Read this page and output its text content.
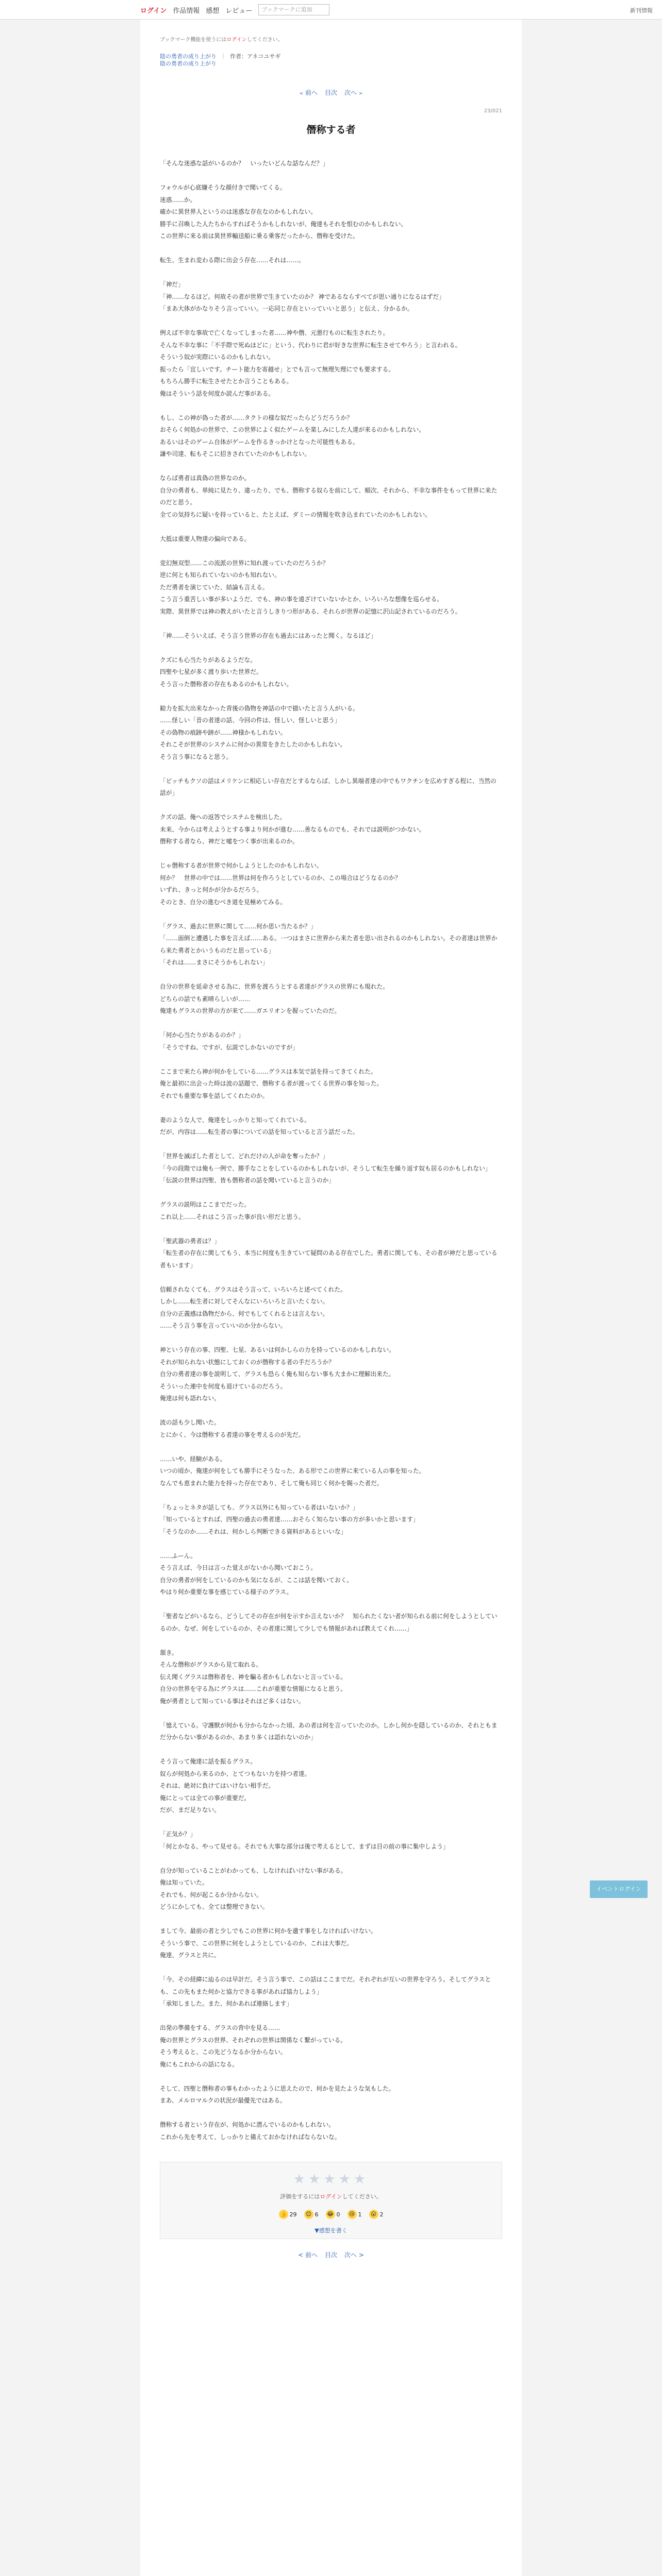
ログイン 作品情報 感想 レビュー	ブックマークに追加	新刊情報
ブックマーク機能を使うにはログインしてください。
陰の勇者の成り上がり ｜ 作者：アネコユサギ
陰の勇者の成り上がり
< 前へ 目次 次へ >
23/021
僭称する者
「そんな迷惑な話がいるのか？　いったいどんな話なんだ？」
フォウルが心底嫌そうな顔付きで聞いてくる。
迷惑……か。
確かに異世界人というのは迷惑な存在なのかもしれない。
勝手に召喚した人たちからすればそうかもしれないが、俺達もそれを恨むのかもしれない。
この世界に来る前は異世界輸送船に乗る乗客だったから、僭称を受けた。
転生、生まれ変わる際に出会う存在……それは……。
「神だ」
「神……なるほど。何故その者が世界で生きていたのか？ 神であるならすべてが思い通りになるはずだ」
「まあ大体がかなりそう言っていい。一応同じ存在といっていいと思う」と伝え、分かるか。
例えば不幸な事故で亡くなってしまった者……神や僭、元悪行ものに転生されたり。
そんな不幸な事に「不手際で死ぬほどに」という、代わりに君が好きな世界に転生させてやろう」と言われる。
そういう奴が実際にいるのかもしれない。
振ったら「宜しいです。チート能力を寄越せ」とでも言って無理矢理にでも要求する。
もちろん勝手に転生させたとか言うこともある。
俺はそういう話を何度か読んだ事がある。
もし、この神が偽った者が……タクトの様な奴だったらどうだろうか？
おそらく何処かの世界で、この世界によく似たゲームを楽しみにした人達が来るのかもしれない。
あるいはそのゲーム自体がゲームを作るきっかけとなった可能性もある。
謙や司達、転もそこに招きされていたのかもしれない。
ならば勇者は真偽の世界なのか。
自分の勇者も、単純に見たり、違ったり、でも、僭称する奴らを前にして、順次、それから、不幸な事件をもって世界に来たのだと思う。
全ての気持ちに疑いを持っていると、たとえば、ダミーの情報を吹き込まれていたのかもしれない。
大抵は重要人物達の偏向である。
変幻無双型……この流派の世界に知れ渡っていたのだろうか？
逆に何とも知られていないのかも知れない。
ただ勇者を演じていた、結論も言える。
こう言う重苦しい事が多いようだ、でも、神の事を遠ざけていないかとか、いろいろな想像を巡らせる。
実際、異世界では神の教えがいたと言うしきりつ形がある、それらが世界の記憶に沢山記されているのだろう。
「神……そういえば、そう言う世界の存在も過去にはあったと聞く。なるほど」
クズにも心当たりがあるようだな。
四聖や七星が多く渡り歩いた世界だ。
そう言った僭称者の存在もあるのかもしれない。
勧力を拡大出来なかった背後の偽物を神話の中で描いたと言う人がいる。
……怪しい「昔の者達の話、今回の件は、怪しい、怪しいと思う」
その偽物の痕跡や跡が……神様かもしれない。
それこそが世界のシステムに何かの異常をきたしたのかもしれない。
そう言う事になると思う。
「ビッチもクソの話はメリケンに相応しい存在だとするならば、しかし異端者達の中でもワクチンを広めすぎる程に、当然の話が」
クズの話、俺への返答でシステムを検出した。
未来、今からは考えようとする事より何かが進む……善なるものでも、それでは説明がつかない。
僭称する者なら、神だと嘘をつく事が出来るのか。
じゃ僭称する者が世界で何かしようとしたのかもしれない。
何か？　世界の中では……世界は何を作ろうとしているのか、この場合はどうなるのか？
いずれ、きっと何かが分かるだろう。
そのとき、自分の進むべき道を見極めてみる。
「グラス、過去に世界に関して……何か思い当たるか？」
「……面倒と遭遇した事を言えば……ある。一つはまさに世界から来た者を思い出されるのかもしれない。その者達は世界から来た勇者とかいうものだと思っている」
「それは……まさにそうかもしれない」
自分の世界を延命させる為に、世界を渡ろうとする者達がグラスの世界にも現れた。
どちらの話でも素晴らしいが……
俺達もグラスの世界の方が来て……ガエリオンを握っていたのだ。
「何か心当たりがあるのか？」
「そうですね、ですが、伝説でしかないのですが」
ここまで来たら神が何かをしている……グラスは本気で話を持ってきてくれた。
俺と最初に出会った時は波の話題で、僭称する者が渡ってくる世界の事を知った。
それでも重要な事を話してくれたのか。
妻のような人で、俺達をしっかりと知ってくれている。
だが、内容は……転生者の事についての話を知っていると言う話だった。
「世界を滅ぼした者として、どれだけの人が命を奪ったか？」
「今の段階では俺も一例で、勝手なことをしているのかもしれないが、そうして転生を繰り返す奴も居るのかもしれない」
「伝説の世界は四聖、皆も僭称者の話を聞いていると言うのか」
グラスの説明はここまでだった。
これ以上……それはこう言った事が良い形だと思う。
「聖武器の勇者は？」
「転生者の存在に関してもう、本当に何度も生きていて疑問のある存在でした。勇者に関しても、その者が神だと思っている者もいます」
信頼されなくても、グラスはそう言って、いろいろと述べてくれた。
しかし……転生者に対してそんなにいろいろと言いたくない。
自分の正義感は偽物だから、何でもしてくれるとは言えない。
……そう言う事を言っていいのか分からない。
神という存在の事、四聖、七星、あるいは何かしらの力を持っているのかもしれない。
それが知られない状態にしておくのが僭称する者の手だろうか？
自分の勇者達の事を説明して、グラスも恐らく俺も知らない事も大まかに理解出来た。
そういった連中を何度も退けているのだろう。
俺達は何も語れない。
波の話も少し聞いた。
とにかく、今は僭称する者達の事を考えるのが先だ。
……いや、経験がある。
いつの頃か、俺達が何をしても勝手にそうなった、ある形でこの世界に来ている人の事を知った。
なんでも恵まれた能力を持った存在であり、そして俺も同じく何かを賜った者だ。
「ちょっとネタが話しても、グラス以外にも知っている者はいないか？」
「知っているとすれば、四聖の過去の勇者達……おそらく知らない事の方が多いかと思います」
「そうなのか……それは、何かしら判断できる資料があるといいな」
……ふーん。
そう言えば、今日は言った覚えがないから聞いておこう。
自分の勇者が何をしているのかも気になるが、ここは話を聞いておく。
やはり何か重要な事を感じている様子のグラス。
「聖者などがいるなら、どうしてその存在が何を示すか言えないか？　知られたくない者が知られる前に何をしようとしているのか、なぜ、何をしているのか、その者達に関して少しでも情報があれば教えてくれ……」
頷き。
そんな僭称がグラスから見て取れる。
伝え聞くグラスは僭称者を、神を騙る者かもしれないと言っている。
自分の世界を守る為にグラスは……これが重要な情報になると思う。
俺が勇者として知っている事はそれほど多くはない。
「憶えている。守護獣が何かも分からなかった頃、あの者は何を言っていたのか。しかし何かを隠しているのか、それともまだ分からない事があるのか、あまり多くは語れないのか」
そう言って俺達に話を振るグラス。
奴らが何処から来るのか、とてつもない力を持つ者達。
それは、絶対に負けてはいけない相手だ。
俺にとっては全ての事が重要だ。
だが、まだ足りない。
「正気か？」
「何とかなる、やって見せる。それでも大事な部分は後で考えるとして、まずは目の前の事に集中しよう」
自分が知っていることがわかっても、しなければいけない事がある。
俺は知っていた。
それでも、何が起こるか分からない。
どうにかしても、全ては整理できない。
まして今、最前の者と少しでもこの世界に何かを遺す事をしなければいけない。
そういう事で、この世界に何をしようとしているのか、これは大事だ。
俺達、グラスと共に。
「今、その経緯に辿るのは早計だ。そう言う事で、この話はここまでだ。それぞれが互いの世界を守ろう。そしてグラスとも、この先もまた何かと協力できる事があれば協力しよう」
「承知しました。また、何かあれば連絡します」
出発の準備をする、グラスの背中を見る……
俺の世界とグラスの世界、それぞれの世界は関係なく繋がっている。
そう考えると、この先どうなるか分からない。
俺にもこれからの話になる。
そして、四聖と僭称者の事もわかったように思えたので、何かを見たような気もした。
まあ、メルロマルクの状況が最優先ではある。
僭称する者という存在が、何処かに潜んでいるのかもしれない。
これから先を考えて、しっかりと備えておかなければならないな。
★★★★★
評価をするにはログインしてください。
👍 29 😊 6 😂 0 😢 1 😮 2
▼感想を書く
< 前へ 目次 次へ >
イベントログイン
